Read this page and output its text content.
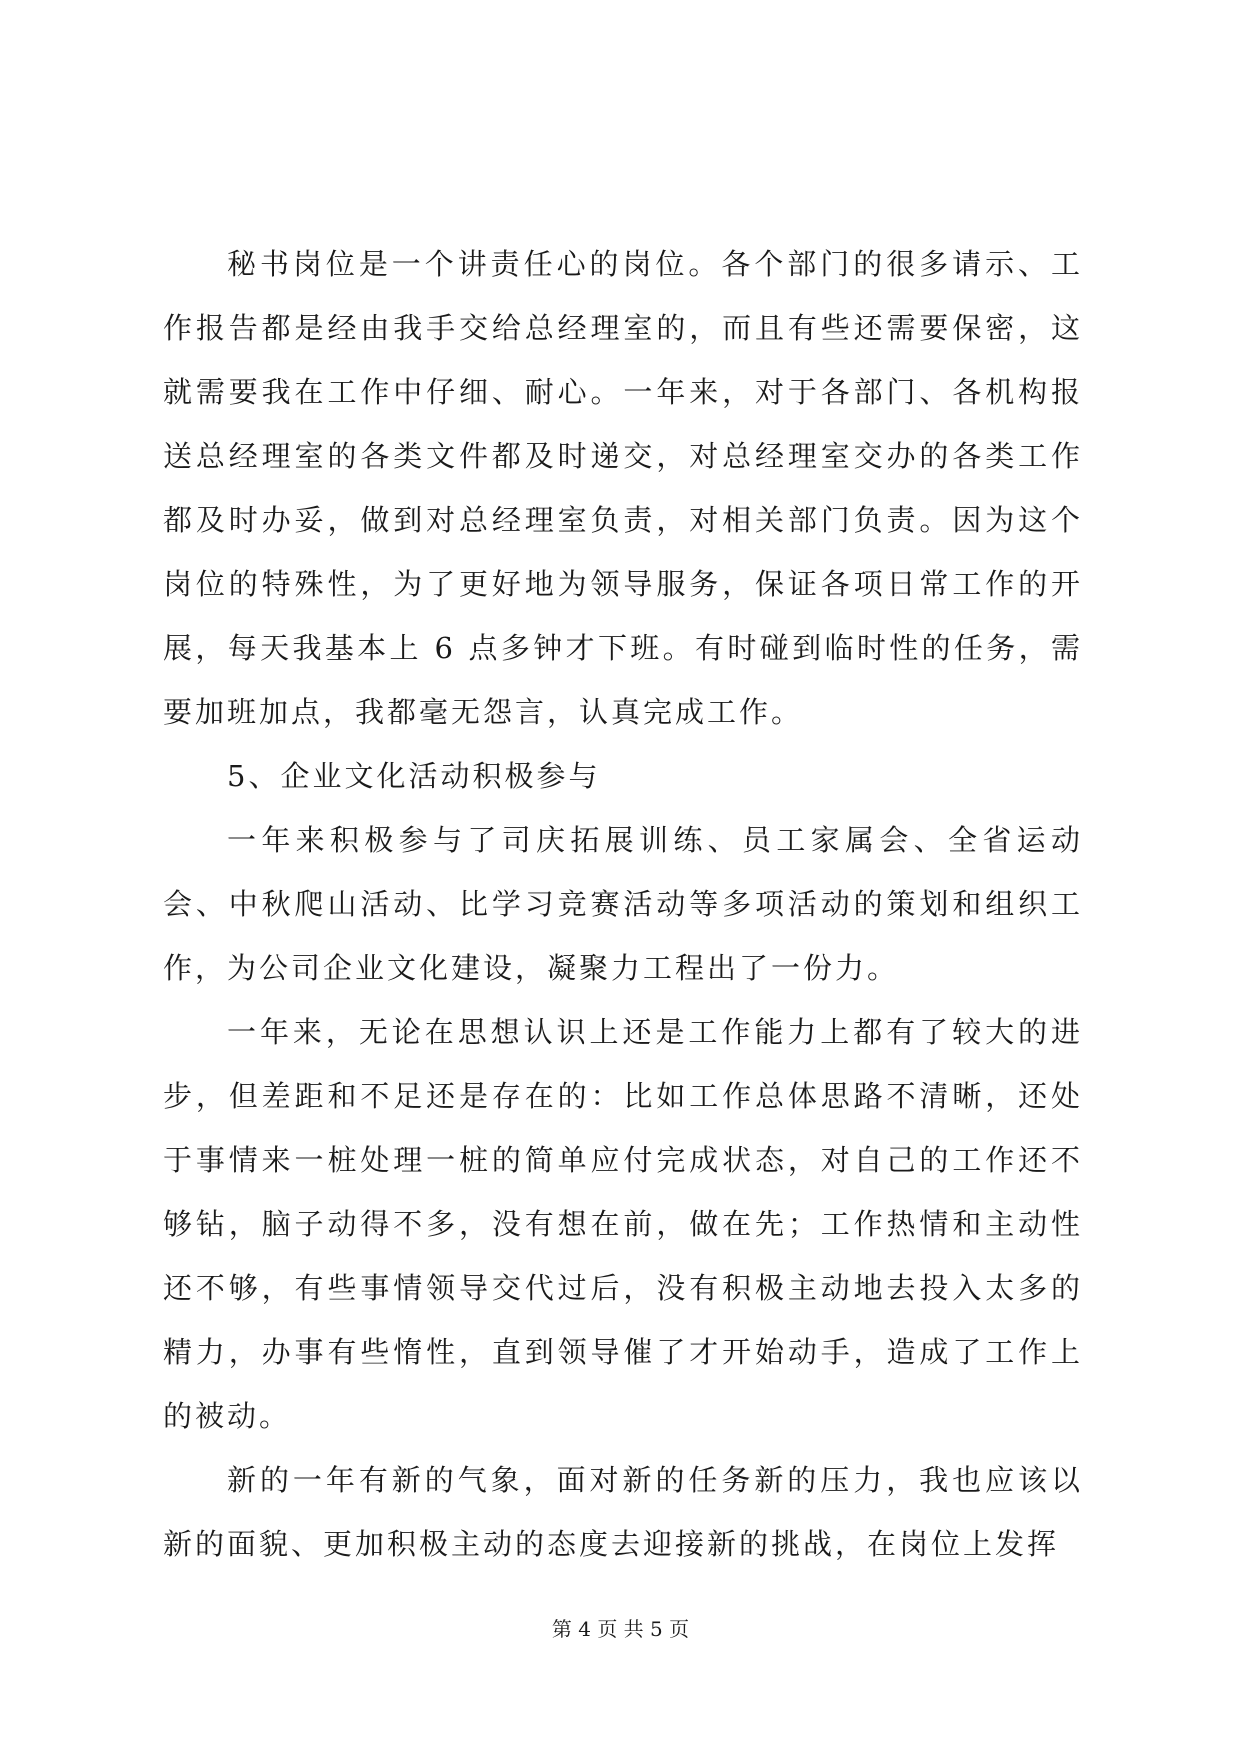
秘书岗位是一个讲责任心的岗位。各个部门的很多请示、工作报告都是经由我手交给总经理室的，而且有些还需要保密，这就需要我在工作中仔细、耐心。一年来，对于各部门、各机构报送总经理室的各类文件都及时递交，对总经理室交办的各类工作都及时办妥，做到对总经理室负责，对相关部门负责。因为这个岗位的特殊性，为了更好地为领导服务，保证各项日常工作的开展，每天我基本上 6 点多钟才下班。有时碰到临时性的任务，需要加班加点，我都毫无怨言，认真完成工作。

5、企业文化活动积极参与

一年来积极参与了司庆拓展训练、员工家属会、全省运动会、中秋爬山活动、比学习竞赛活动等多项活动的策划和组织工作，为公司企业文化建设，凝聚力工程出了一份力。

一年来，无论在思想认识上还是工作能力上都有了较大的进步，但差距和不足还是存在的：比如工作总体思路不清晰，还处于事情来一桩处理一桩的简单应付完成状态，对自己的工作还不够钻，脑子动得不多，没有想在前，做在先；工作热情和主动性还不够，有些事情领导交代过后，没有积极主动地去投入太多的精力，办事有些惰性，直到领导催了才开始动手，造成了工作上的被动。

新的一年有新的气象，面对新的任务新的压力，我也应该以新的面貌、更加积极主动的态度去迎接新的挑战，在岗位上发挥

第 4 页 共 5 页
